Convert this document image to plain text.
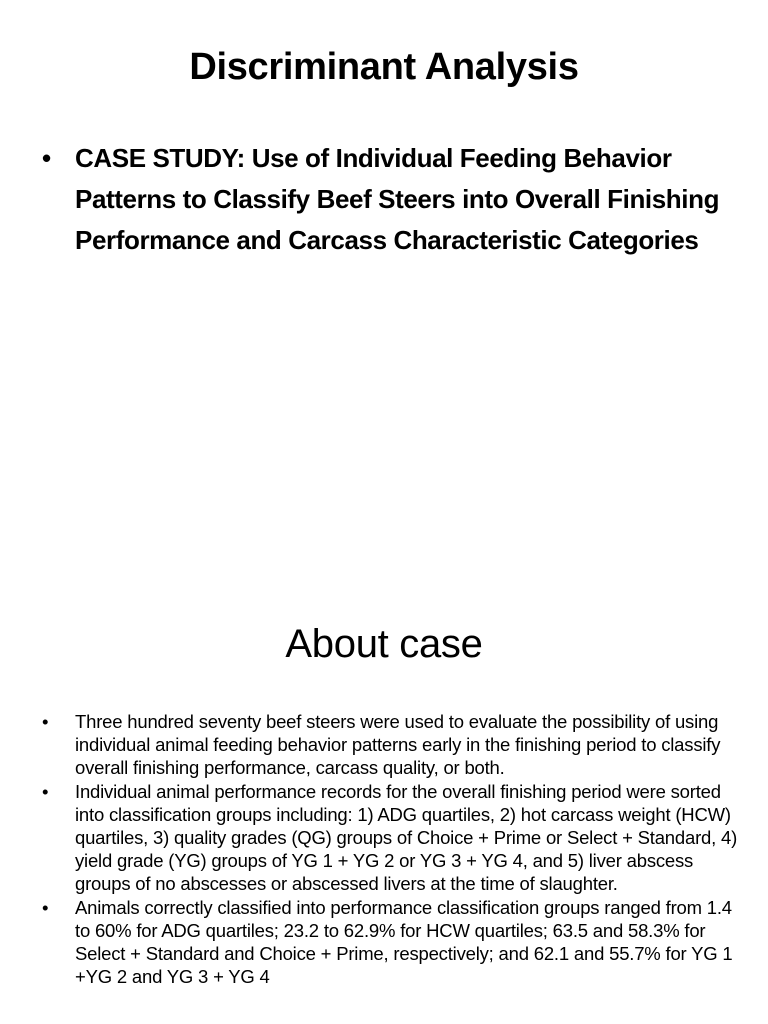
Discriminant Analysis
• CASE STUDY: Use of Individual Feeding Behavior Patterns to Classify Beef Steers into Overall Finishing Performance and Carcass Characteristic Categories
About case
• Three hundred seventy beef steers were used to evaluate the possibility of using individual animal feeding behavior patterns early in the finishing period to classify overall finishing performance, carcass quality, or both.
• Individual animal performance records for the overall finishing period were sorted into classification groups including: 1) ADG quartiles, 2) hot carcass weight (HCW) quartiles, 3) quality grades (QG) groups of Choice + Prime or Select + Standard, 4) yield grade (YG) groups of YG 1 + YG 2 or YG 3 + YG 4, and 5) liver abscess groups of no abscesses or abscessed livers at the time of slaughter.
• Animals correctly classified into performance classification groups ranged from 1.4 to 60% for ADG quartiles; 23.2 to 62.9% for HCW quartiles; 63.5 and 58.3% for Select + Standard and Choice + Prime, respectively; and 62.1 and 55.7% for YG 1 +YG 2 and YG 3 + YG 4
